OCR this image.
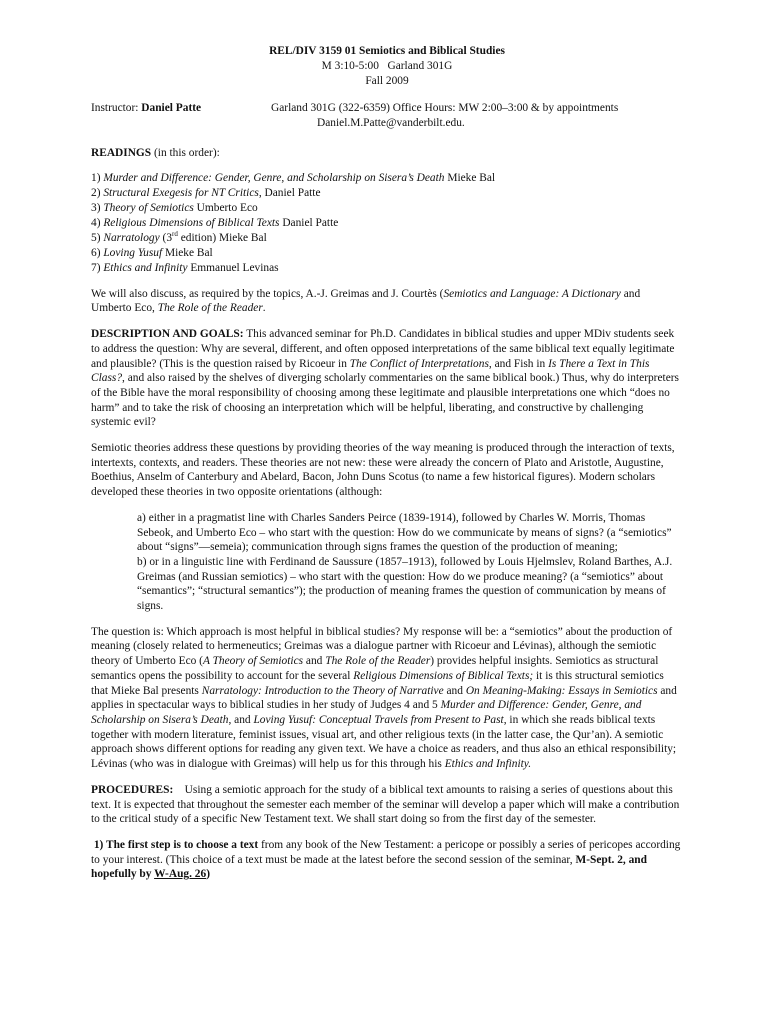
REL/DIV 3159 01 Semiotics and Biblical Studies
M 3:10-5:00   Garland 301G
Fall 2009
Instructor: Daniel Patte	Garland 301G (322-6359) Office Hours: MW 2:00–3:00 & by appointments
Daniel.M.Patte@vanderbilt.edu.
READINGS (in this order):
1) Murder and Difference: Gender, Genre, and Scholarship on Sisera’s Death Mieke Bal
2) Structural Exegesis for NT Critics, Daniel Patte
3) Theory of Semiotics Umberto Eco
4) Religious Dimensions of Biblical Texts Daniel Patte
5) Narratology (3rd edition) Mieke Bal
6) Loving Yusuf Mieke Bal
7) Ethics and Infinity Emmanuel Levinas

We will also discuss, as required by the topics, A.-J. Greimas and J. Courtès (Semiotics and Language: A Dictionary and Umberto Eco, The Role of the Reader.

DESCRIPTION AND GOALS: This advanced seminar for Ph.D. Candidates in biblical studies and upper MDiv students seek to address the question: Why are several, different, and often opposed interpretations of the same biblical text equally legitimate and plausible? (This is the question raised by Ricoeur in The Conflict of Interpretations, and Fish in Is There a Text in This Class?, and also raised by the shelves of diverging scholarly commentaries on the same biblical book.) Thus, why do interpreters of the Bible have the moral responsibility of choosing among these legitimate and plausible interpretations one which “does no harm” and to take the risk of choosing an interpretation which will be helpful, liberating, and constructive by challenging systemic evil?

Semiotic theories address these questions by providing theories of the way meaning is produced through the interaction of texts, intertexts, contexts, and readers. These theories are not new: these were already the concern of Plato and Aristotle, Augustine, Boethius, Anselm of Canterbury and Abelard, Bacon, John Duns Scotus (to name a few historical figures). Modern scholars developed these theories in two opposite orientations (although:

a) either in a pragmatist line with Charles Sanders Peirce (1839-1914), followed by Charles W. Morris, Thomas Sebeok, and Umberto Eco – who start with the question: How do we communicate by means of signs? (a “semiotics” about “signs”—semeia); communication through signs frames the question of the production of meaning;

b) or in a linguistic line with Ferdinand de Saussure (1857–1913), followed by Louis Hjelmslev, Roland Barthes, A.J. Greimas (and Russian semiotics) – who start with the question: How do we produce meaning? (a “semiotics” about “semantics”; “structural semantics”); the production of meaning frames the question of communication by means of signs.

The question is: Which approach is most helpful in biblical studies? My response will be: a “semiotics” about the production of meaning (closely related to hermeneutics; Greimas was a dialogue partner with Ricoeur and Lévinas), although the semiotic theory of Umberto Eco (A Theory of Semiotics and The Role of the Reader) provides helpful insights. Semiotics as structural semantics opens the possibility to account for the several Religious Dimensions of Biblical Texts; it is this structural semiotics that Mieke Bal presents Narratology: Introduction to the Theory of Narrative and On Meaning-Making: Essays in Semiotics and applies in spectacular ways to biblical studies in her study of Judges 4 and 5 Murder and Difference: Gender, Genre, and Scholarship on Sisera’s Death, and Loving Yusuf: Conceptual Travels from Present to Past, in which she reads biblical texts together with modern literature, feminist issues, visual art, and other religious texts (in the latter case, the Qur’an). A semiotic approach shows different options for reading any given text. We have a choice as readers, and thus also an ethical responsibility; Lévinas (who was in dialogue with Greimas) will help us for this through his Ethics and Infinity.

PROCEDURES:    Using a semiotic approach for the study of a biblical text amounts to raising a series of questions about this text. It is expected that throughout the semester each member of the seminar will develop a paper which will make a contribution to the critical study of a specific New Testament text. We shall start doing so from the first day of the semester.

1) The first step is to choose a text from any book of the New Testament: a pericope or possibly a series of pericopes according to your interest. (This choice of a text must be made at the latest before the second session of the seminar, M-Sept. 2, and hopefully by W-Aug. 26)
